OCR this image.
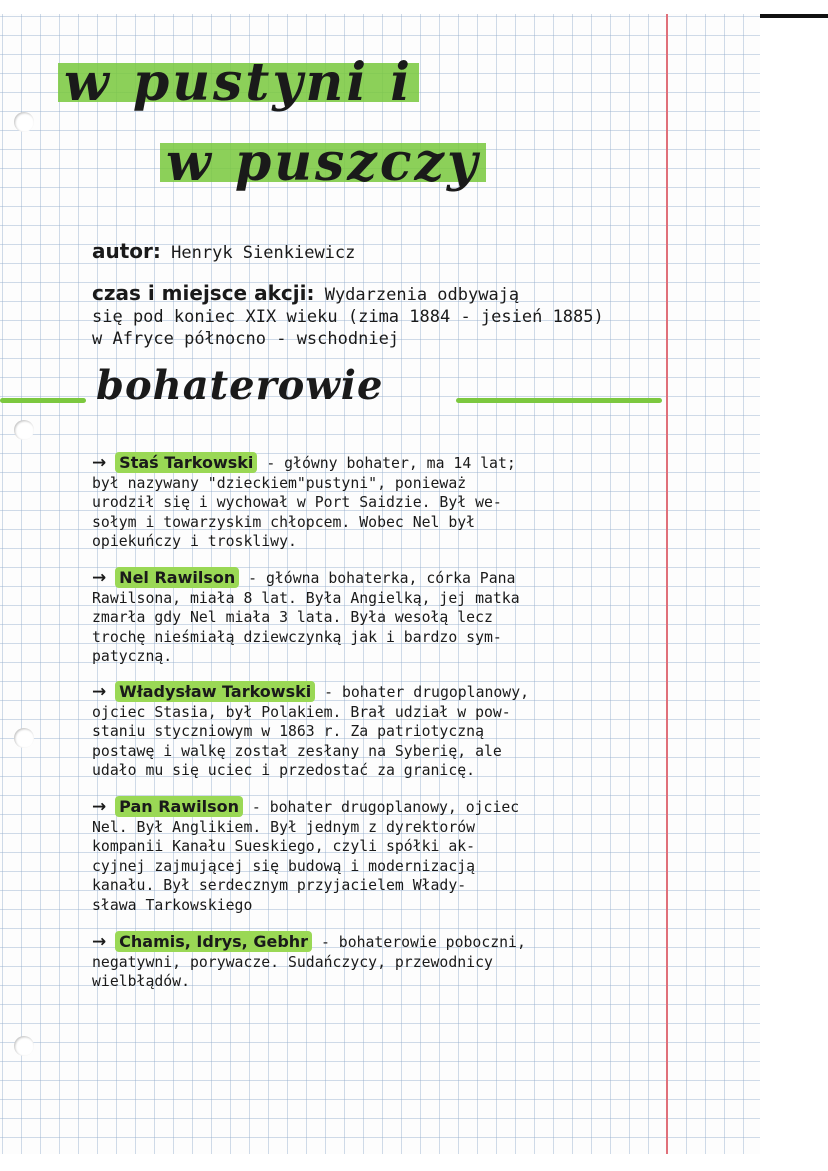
w pustyni i
w puszczy
autor: Henryk Sienkiewicz
czas i miejsce akcji: Wydarzenia odbywają
się pod koniec XIX wieku (zima 1884 - jesień 1885)
w Afryce północno - wschodniej
bohaterowie
→ Staś Tarkowski - główny bohater, ma 14 lat;
był nazywany "dzieckiem"pustyni", ponieważ
urodził się i wychował w Port Saidzie. Był we-
sołym i towarzyskim chłopcem. Wobec Nel był
opiekuńczy i troskliwy.
→ Nel Rawilson - główna bohaterka, córka Pana
Rawilsona, miała 8 lat. Była Angielką, jej matka
zmarła gdy Nel miała 3 lata. Była wesołą lecz
trochę nieśmiałą dziewczynką jak i bardzo sym-
patyczną.
→ Władysław Tarkowski - bohater drugoplanowy,
ojciec Stasia, był Polakiem. Brał udział w pow-
staniu styczniowym w 1863 r. Za patriotyczną
postawę i walkę został zesłany na Syberię, ale
udało mu się uciec i przedostać za granicę.
→ Pan Rawilson - bohater drugoplanowy, ojciec
Nel. Był Anglikiem. Był jednym z dyrektorów
kompanii Kanału Sueskiego, czyli spółki ak-
cyjnej zajmującej się budową i modernizacją
kanału. Był serdecznym przyjacielem Włady-
sława Tarkowskiego
→ Chamis, Idrys, Gebhr - bohaterowie poboczni,
negatywni, porywacze. Sudańczycy, przewodnicy
wielbłądów.
